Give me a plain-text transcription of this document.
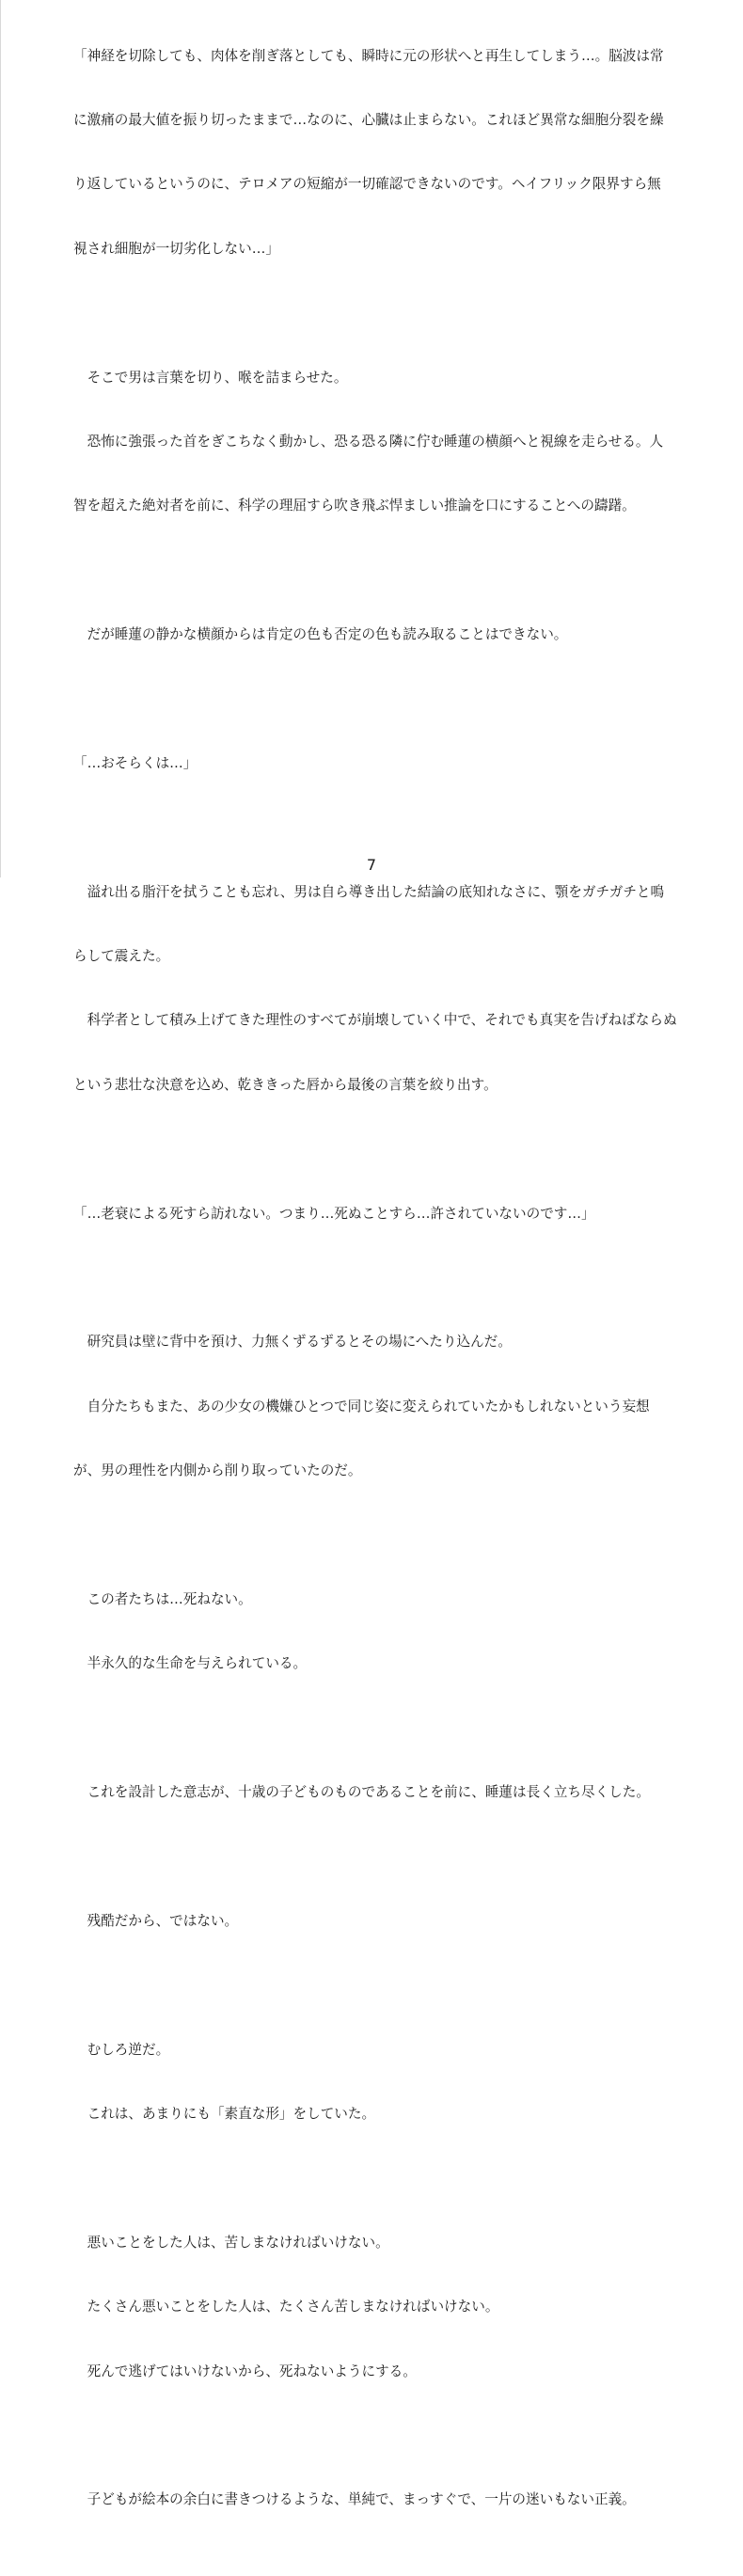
「神経を切除しても、肉体を削ぎ落としても、瞬時に元の形状へと再生してしまう…。脳波は常

に激痛の最大値を振り切ったままで…なのに、心臓は止まらない。これほど異常な細胞分裂を繰

り返しているというのに、テロメアの短縮が一切確認できないのです。ヘイフリック限界すら無

視され細胞が一切劣化しない…」

　そこで男は言葉を切り、喉を詰まらせた。

　恐怖に強張った首をぎこちなく動かし、恐る恐る隣に佇む睡蓮の横顔へと視線を走らせる。人

智を超えた絶対者を前に、科学の理屈すら吹き飛ぶ悍ましい推論を口にすることへの躊躇。

　だが睡蓮の静かな横顔からは肯定の色も否定の色も読み取ることはできない。

「…おそらくは…」

　溢れ出る脂汗を拭うことも忘れ、男は自ら導き出した結論の底知れなさに、顎をガチガチと鳴

らして震えた。

　科学者として積み上げてきた理性のすべてが崩壊していく中で、それでも真実を告げねばならぬ

という悲壮な決意を込め、乾ききった唇から最後の言葉を絞り出す。

「…老衰による死すら訪れない。つまり…死ぬことすら…許されていないのです…」

　研究員は壁に背中を預け、力無くずるずるとその場にへたり込んだ。

　自分たちもまた、あの少女の機嫌ひとつで同じ姿に変えられていたかもしれないという妄想

が、男の理性を内側から削り取っていたのだ。

　この者たちは…死ねない。

　半永久的な生命を与えられている。

　これを設計した意志が、十歳の子どものものであることを前に、睡蓮は長く立ち尽くした。

　残酷だから、ではない。

　むしろ逆だ。

　これは、あまりにも「素直な形」をしていた。

　悪いことをした人は、苦しまなければいけない。

　たくさん悪いことをした人は、たくさん苦しまなければいけない。

　死んで逃げてはいけないから、死ねないようにする。

　子どもが絵本の余白に書きつけるような、単純で、まっすぐで、一片の迷いもない正義。

7
